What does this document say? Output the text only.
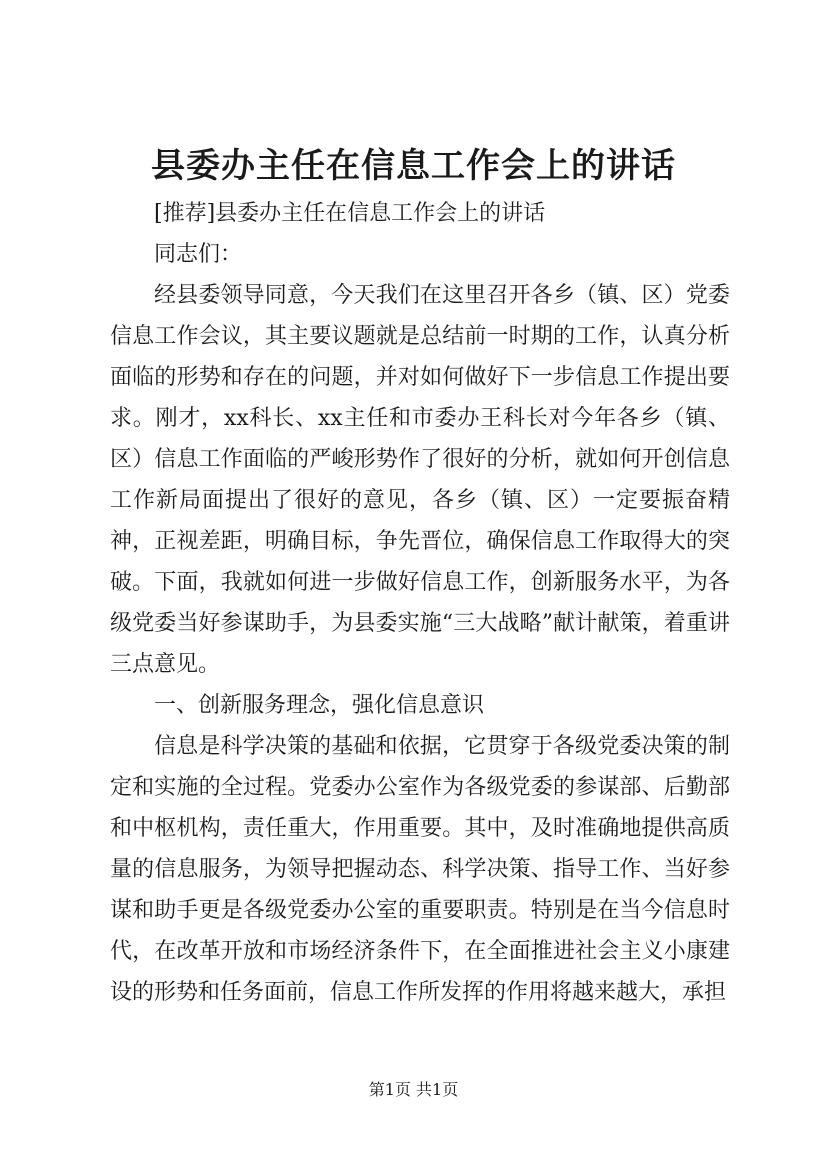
县委办主任在信息工作会上的讲话

[推荐]县委办主任在信息工作会上的讲话

同志们：

经县委领导同意，今天我们在这里召开各乡（镇、区）党委信息工作会议，其主要议题就是总结前一时期的工作，认真分析面临的形势和存在的问题，并对如何做好下一步信息工作提出要求。刚才，xx科长、xx主任和市委办王科长对今年各乡（镇、区）信息工作面临的严峻形势作了很好的分析，就如何开创信息工作新局面提出了很好的意见，各乡（镇、区）一定要振奋精神，正视差距，明确目标，争先晋位，确保信息工作取得大的突破。下面，我就如何进一步做好信息工作，创新服务水平，为各级党委当好参谋助手，为县委实施“三大战略”献计献策，着重讲三点意见。

一、创新服务理念，强化信息意识

信息是科学决策的基础和依据，它贯穿于各级党委决策的制定和实施的全过程。党委办公室作为各级党委的参谋部、后勤部和中枢机构，责任重大，作用重要。其中，及时准确地提供高质量的信息服务，为领导把握动态、科学决策、指导工作、当好参谋和助手更是各级党委办公室的重要职责。特别是在当今信息时代，在改革开放和市场经济条件下，在全面推进社会主义小康建设的形势和任务面前，信息工作所发挥的作用将越来越大，承担

第1页 共1页
